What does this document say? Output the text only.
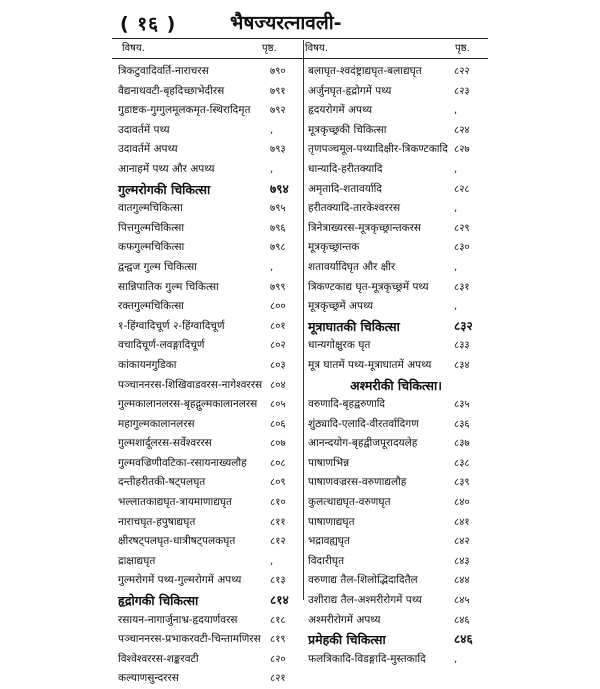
( १६ )	भैषज्यरत्नावली-
विषय.	पृष्ठ.	विषय.	पृष्ठ.
त्रिकटुवादिवर्ति-नाराचरस	७९०
वैद्यनाथवटी-बृहदिच्छाभेदीरस	७९१
गुडाष्टक-गुग्गुलमूलकमृत-स्थिरादिमृत ७९२
उदावर्तमें पथ्य	,
उदावर्तमें अपथ्य	७९३
आनाहमें पथ्य और अपथ्य	,
गुल्मरोगकी चिकित्सा	७९४
वातगुल्मचिकित्सा	७९५
पित्तगुल्मचिकित्सा	७९६
कफगुल्मचिकित्सा	७९८
द्वन्द्वज गुल्म चिकित्सा	,
सान्निपातिक गुल्म चिकित्सा	७९९
रक्तगुल्मचिकित्सा	८००
१-हिंग्वादिचूर्ण २-हिंग्वादिचूर्ण	८०१
वचादिचूर्ण-लवङ्गादिचूर्ण	८०२
कांकायनगुडिका	८०३
पञ्चाननरस-शिखिवाडवरस-नागेश्वररस ८०४
गुल्मकालानलरस-बृहद्गुल्मकालानलरस ८०५
महागुल्मकालानलरस	८०६
गुल्मशार्दूलरस-सर्वेश्वररस	८०७
गुल्मवज्रिणीवटिका-रसायनाख्यलौह ८०८
दन्तीहरीतकी-षट्पलघृत	८०९
भल्लातकाद्यघृत-त्रायमाणाद्यघृत	८१०
नाराचघृत-हपुषाद्यघृत	८११
क्षीरषट्पलघृत-धात्रीषट्पलकघृत	८१२
द्राक्षाद्यघृत	,
गुल्मरोगमें पथ्य-गुल्मरोगमें अपथ्य	८१३
हृद्रोगकी चिकित्सा	८१४
रसायन-नागार्जुनाभ्र-हृदयार्णवरस	८१८
पञ्चाननरस-प्रभाकरवटी-चिन्तामणिरस ८१९
विश्वेश्वररस-शङ्करवटी	८२०
कल्याणसुन्दररस	८२१
बलाघृत-श्वदंष्ट्राद्यघृत-बलाद्यघृत	८२२
अर्जुनघृत-हृद्रोगमें पथ्य	८२३
हृदयरोगमें अपथ्य	,
मूत्रकृच्छ्रकी चिकित्सा	८२४
तृणपञ्चमूल-पथ्यादिक्षीर-त्रिकण्टकादि ८२७
धान्यादि-हरीतक्यादि	,
अमृतादि-शतावर्यादि	८२८
हरीतक्यादि-तारकेश्वररस	,
त्रिनेत्राख्यरस-मूत्रकृच्छ्रान्तकरस	८२९
मूत्रकृच्छ्रान्तक	८३०
शतावर्यादिघृत और क्षीर	,
त्रिकण्टकाद्य घृत-मूत्रकृच्छ्रमें पथ्य	८३१
मूत्रकृच्छ्रमें अपथ्य	,
मूत्राघातकी चिकित्सा	८३२
धान्यगोक्षुरक घृत	८३३
मूत्र घातमें पथ्य-मूत्राघातमें अपथ्य ८३४
अश्मरीकी चिकित्सा।
वरुणादि-बृहद्वरुणादि	८३५
शुंठ्यादि-एलादि-वीरतर्वादिगण	८३६
आनन्दयोग-बृहद्वीजपूरादयलेह	८३७
पाषाणभिन्न	८३८
पाषाणवज्ररस-वरुणाद्यलौह	८३९
कुलत्थाद्यघृत-वरुणघृत	८४०
पाषाणाद्यघृत	८४१
भद्रावह्यघृत	८४२
विदारीघृत	८४३
वरुणाद्य तैल-शिलोद्भिदादितैल	८४४
उशीराद्य तैल-अश्मरीरोगमें पथ्य	८४५
अश्मरीरोगमें अपथ्य	८४६
प्रमेहकी चिकित्सा	८४६
फलत्रिकादि-विडङ्गादि-मुस्तकादि	,
